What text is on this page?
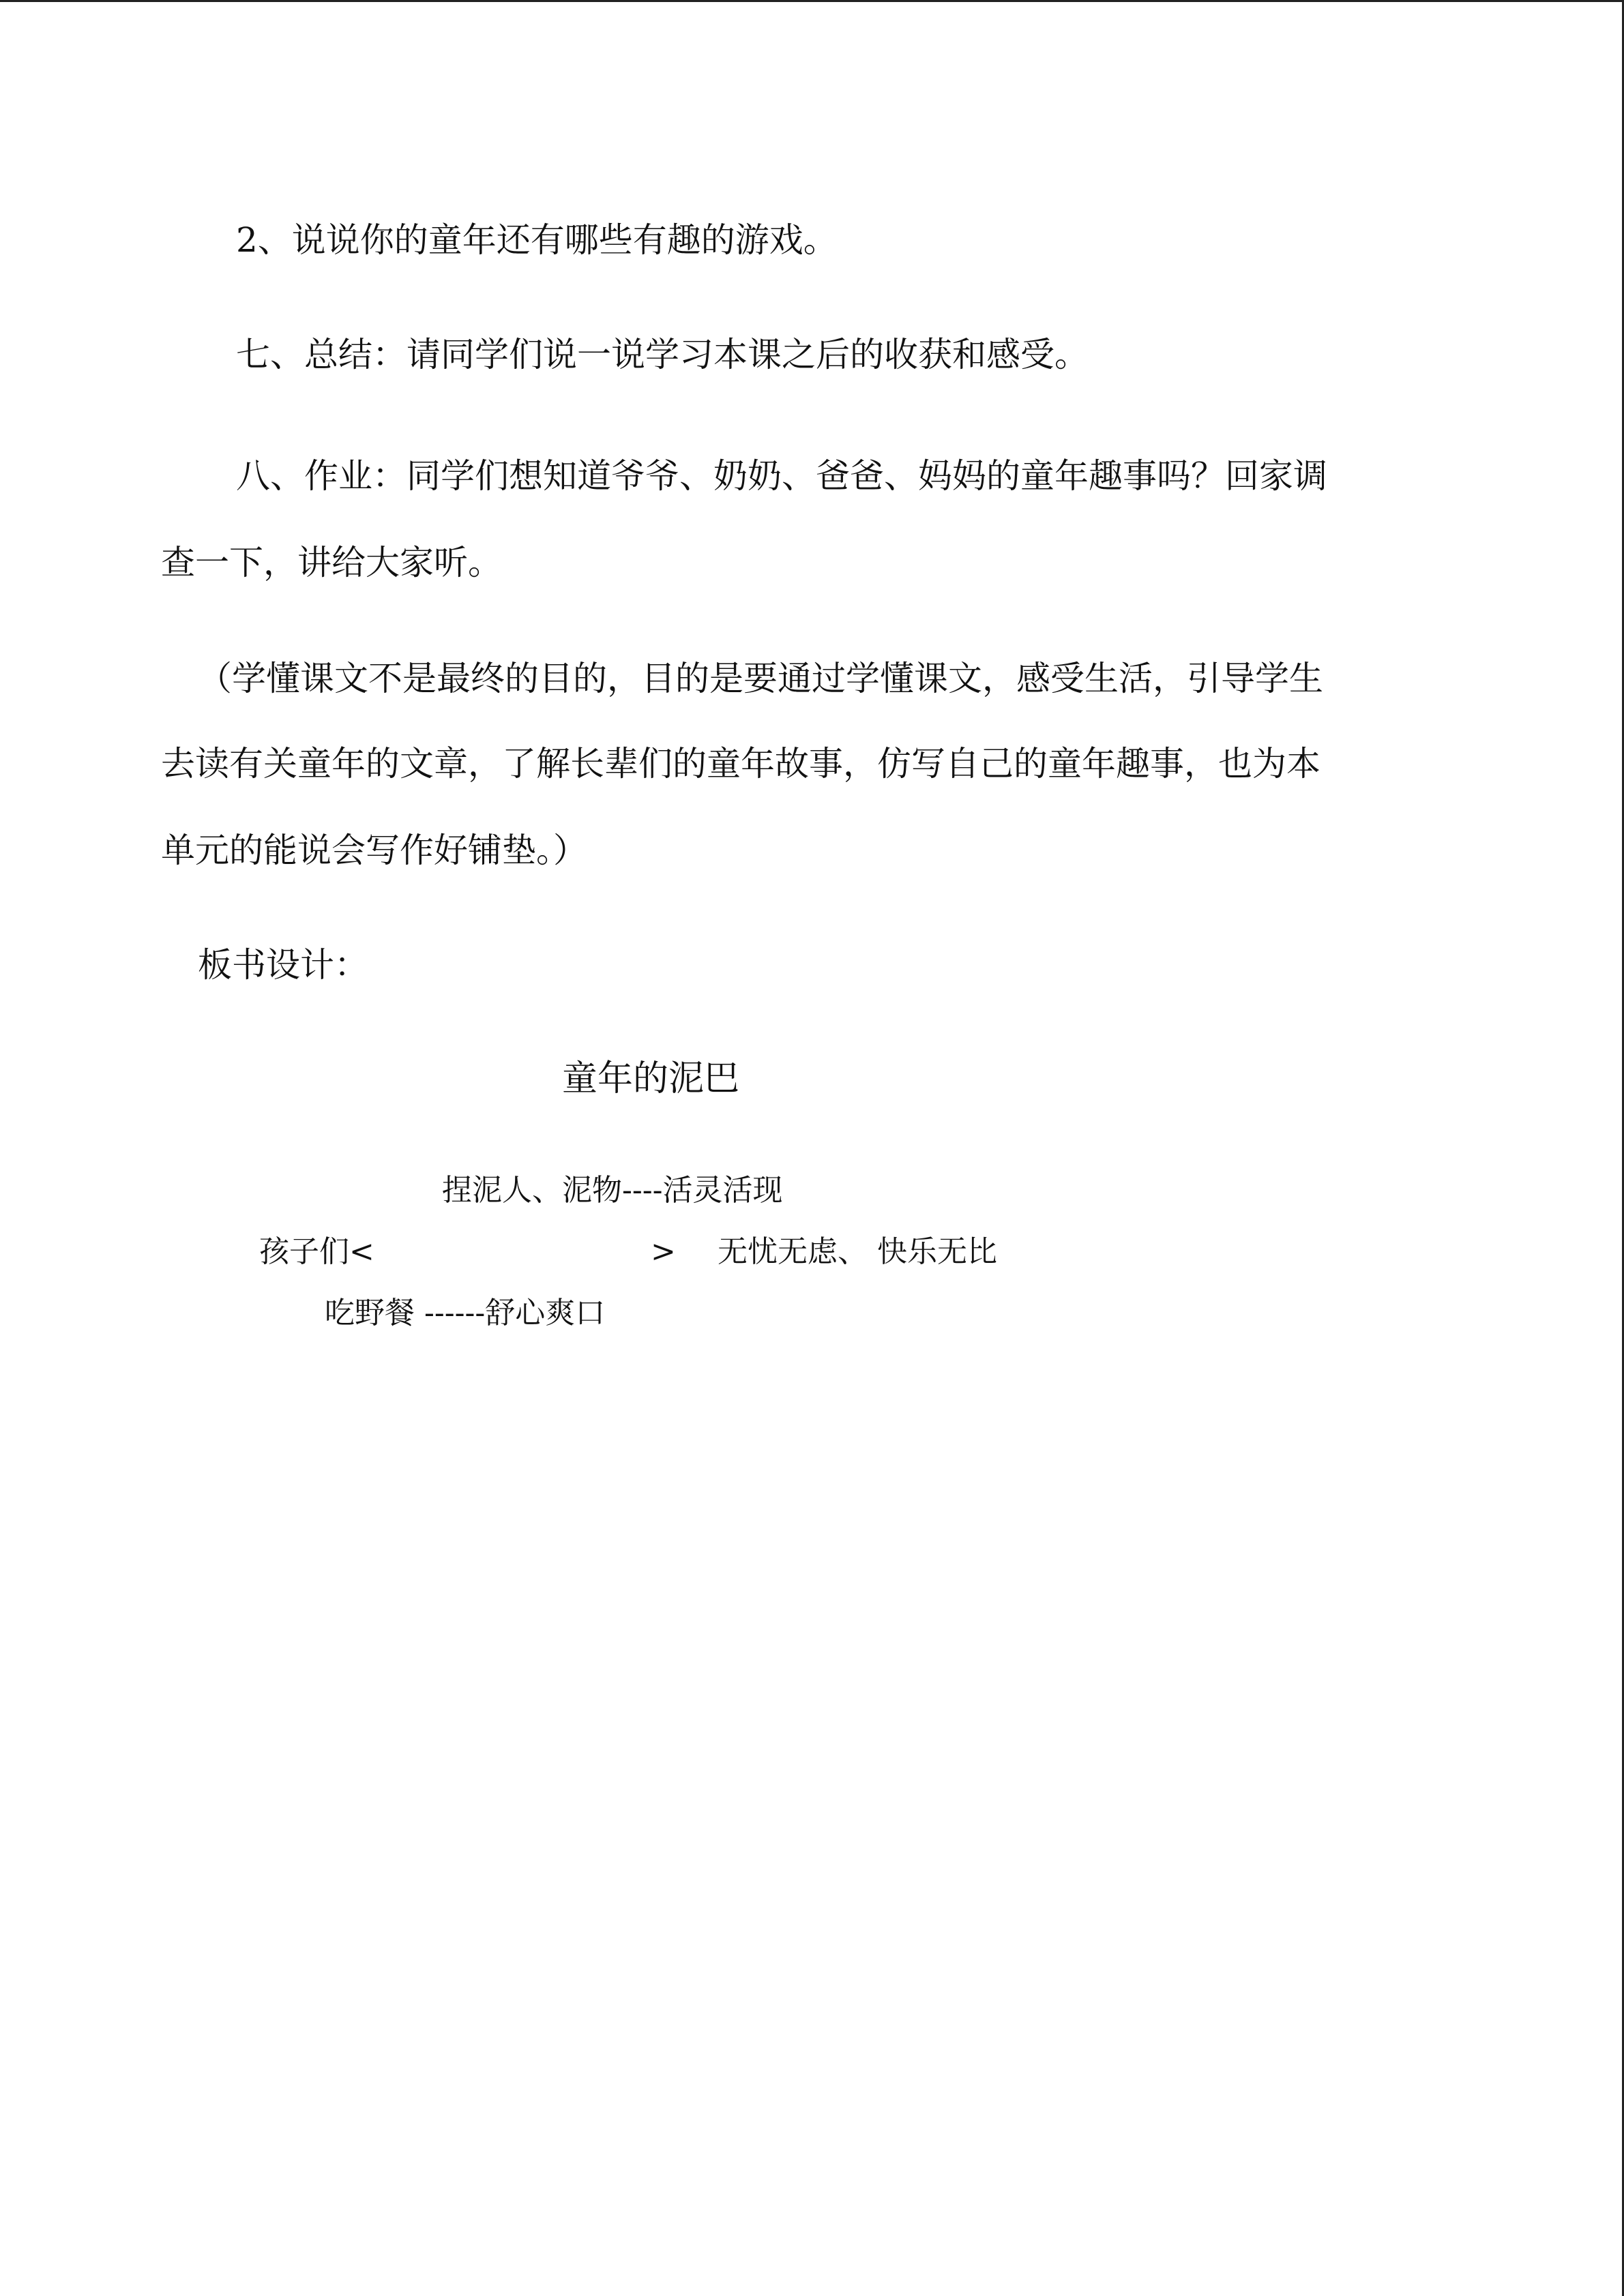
2、说说你的童年还有哪些有趣的游戏。
七、总结：请同学们说一说学习本课之后的收获和感受。
八、作业：同学们想知道爷爷、奶奶、爸爸、妈妈的童年趣事吗？回家调
查一下，讲给大家听。
（学懂课文不是最终的目的，目的是要通过学懂课文，感受生活，引导学生
去读有关童年的文章，了解长辈们的童年故事，仿写自己的童年趣事，也为本
单元的能说会写作好铺垫。）
板书设计：
童年的泥巴
捏泥人、泥物----活灵活现
孩子们<	> 无忧无虑、 快乐无比
吃野餐 ------舒心爽口
